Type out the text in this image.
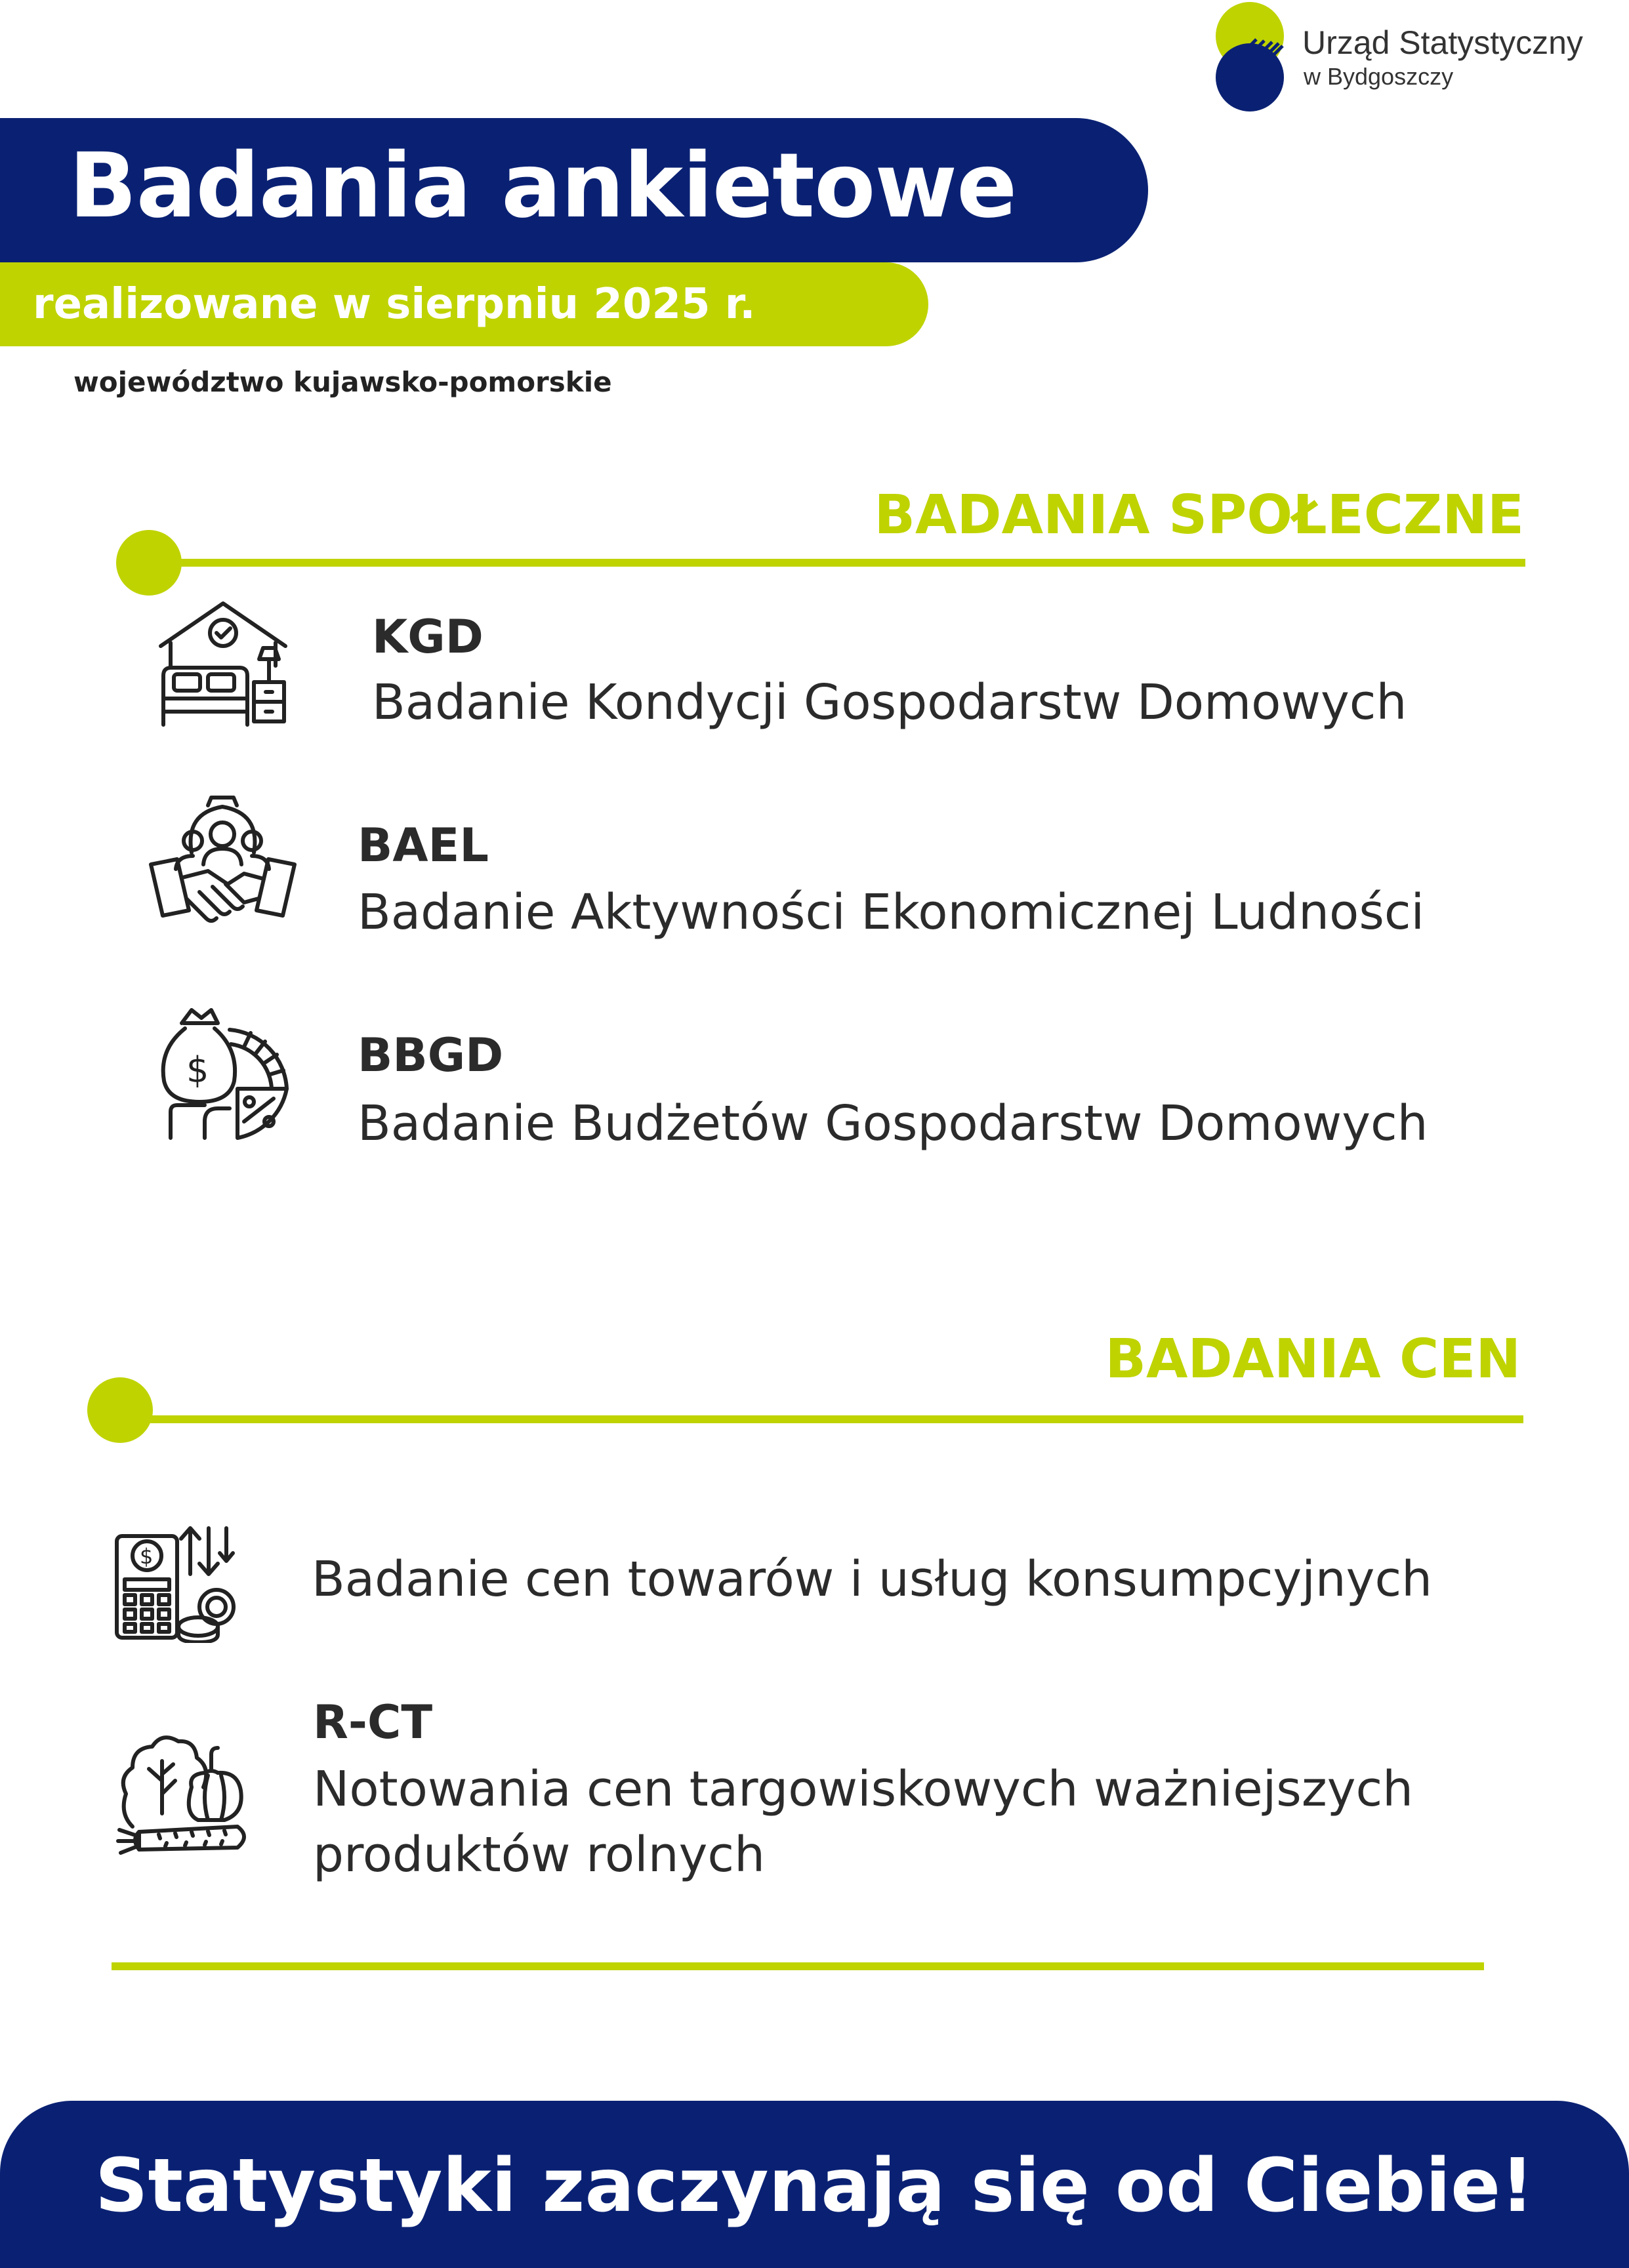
Urząd Statystyczny
w Bydgoszczy
Badania ankietowe
realizowane w sierpniu 2025 r.
województwo kujawsko-pomorskie
BADANIA SPOŁECZNE
KGD
Badanie Kondycji Gospodarstw Domowych
BAEL
Badanie Aktywności Ekonomicznej Ludności
$	BBGD
Badanie Budżetów Gospodarstw Domowych
BADANIA CEN
$	Badanie cen towarów i usług konsumpcyjnych
R-CT
Notowania cen targowiskowych ważniejszych
produktów rolnych
Statystyki zaczynają się od Ciebie!
